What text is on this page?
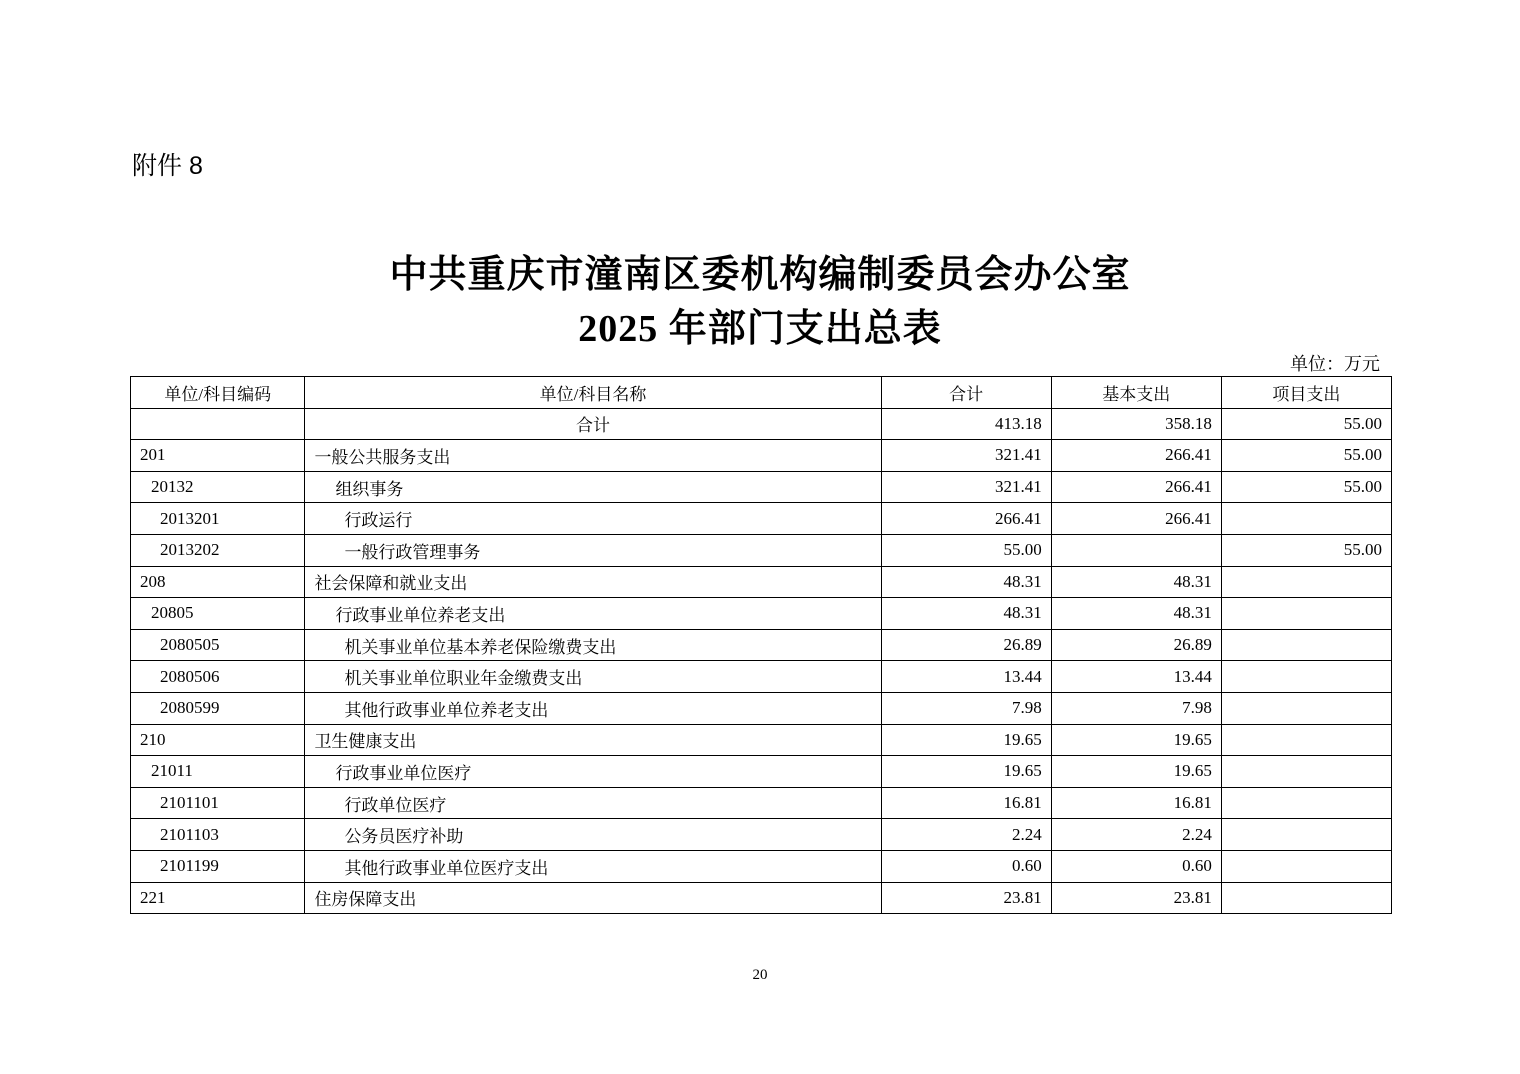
附件 8
中共重庆市潼南区委机构编制委员会办公室
2025 年部门支出总表
单位：万元
单位/科目编码	单位/科目名称	合计	基本支出	项目支出
	合计	413.18	358.18	55.00
201	一般公共服务支出	321.41	266.41	55.00
20132	组织事务	321.41	266.41	55.00
2013201	行政运行	266.41	266.41	
2013202	一般行政管理事务	55.00		55.00
208	社会保障和就业支出	48.31	48.31	
20805	行政事业单位养老支出	48.31	48.31	
2080505	机关事业单位基本养老保险缴费支出	26.89	26.89	
2080506	机关事业单位职业年金缴费支出	13.44	13.44	
2080599	其他行政事业单位养老支出	7.98	7.98	
210	卫生健康支出	19.65	19.65	
21011	行政事业单位医疗	19.65	19.65	
2101101	行政单位医疗	16.81	16.81	
2101103	公务员医疗补助	2.24	2.24	
2101199	其他行政事业单位医疗支出	0.60	0.60	
221	住房保障支出	23.81	23.81	
20
